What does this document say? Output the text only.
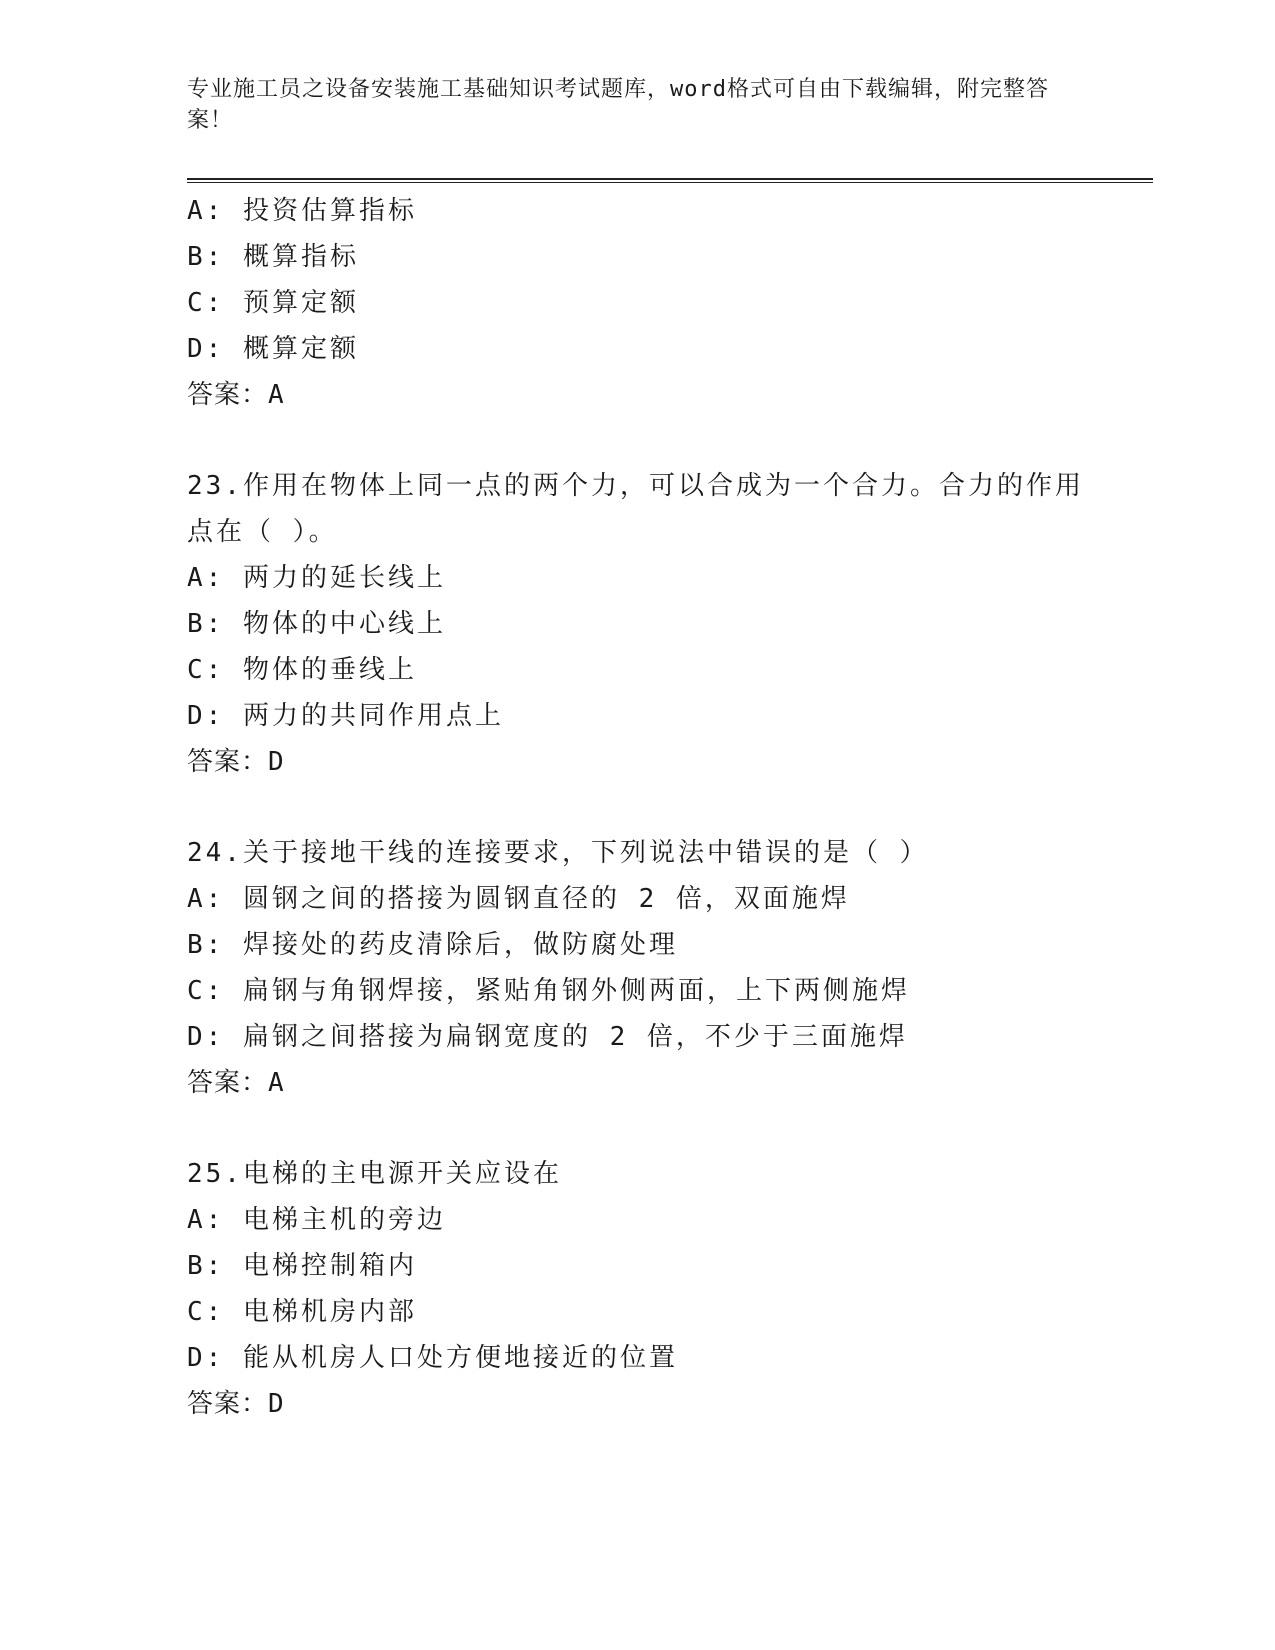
专业施工员之设备安装施工基础知识考试题库，word格式可自由下载编辑，附完整答案！
A: 投资估算指标
B: 概算指标
C: 预算定额
D: 概算定额
答案：A
23.作用在物体上同一点的两个力，可以合成为一个合力。合力的作用
点在（ ）。
A: 两力的延长线上
B: 物体的中心线上
C: 物体的垂线上
D: 两力的共同作用点上
答案：D
24.关于接地干线的连接要求，下列说法中错误的是（ ）
A: 圆钢之间的搭接为圆钢直径的 2 倍，双面施焊
B: 焊接处的药皮清除后，做防腐处理
C: 扁钢与角钢焊接，紧贴角钢外侧两面，上下两侧施焊
D: 扁钢之间搭接为扁钢宽度的 2 倍，不少于三面施焊
答案：A
25.电梯的主电源开关应设在
A: 电梯主机的旁边
B: 电梯控制箱内
C: 电梯机房内部
D: 能从机房人口处方便地接近的位置
答案：D
